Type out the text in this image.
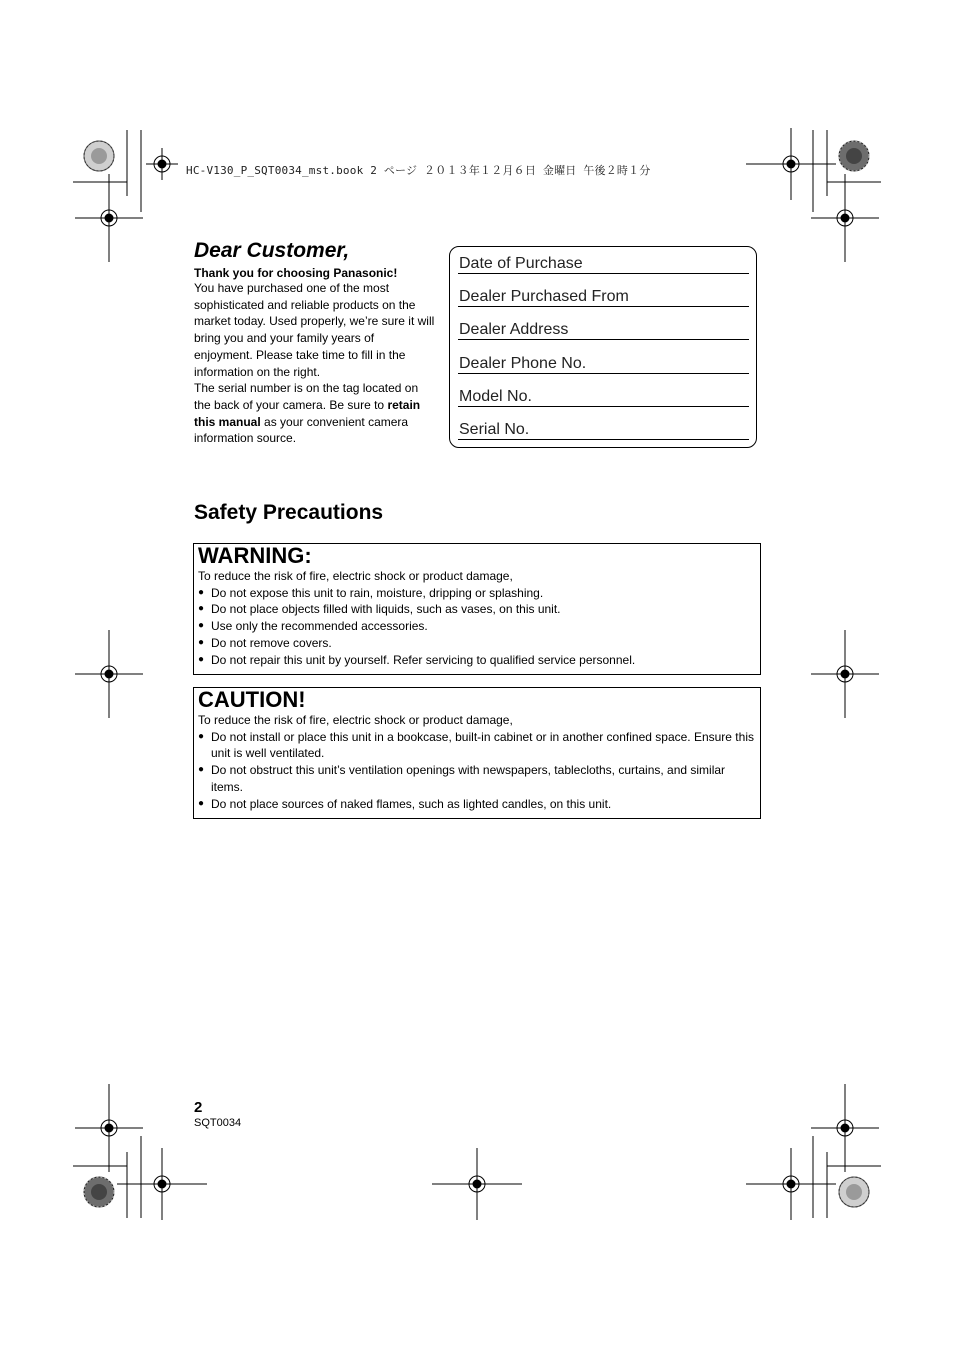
HC-V130_P_SQT0034_mst.book 2 ページ ２０１３年１２月６日 金曜日 午後２時１分
Dear Customer,
Thank you for choosing Panasonic!

You have purchased one of the most sophisticated and reliable products on the market today. Used properly, we’re sure it will bring you and your family years of enjoyment. Please take time to fill in the information on the right.

The serial number is on the tag located on the back of your camera. Be sure to retain this manual as your convenient camera information source.

Date of Purchase
Dealer Purchased From
Dealer Address
Dealer Phone No.
Model No.
Serial No.
Safety Precautions
WARNING:
To reduce the risk of fire, electric shock or product damage,
● Do not expose this unit to rain, moisture, dripping or splashing.
● Do not place objects filled with liquids, such as vases, on this unit.
● Use only the recommended accessories.
● Do not remove covers.
● Do not repair this unit by yourself. Refer servicing to qualified service personnel.
CAUTION!
To reduce the risk of fire, electric shock or product damage,
● Do not install or place this unit in a bookcase, built-in cabinet or in another confined space. Ensure this unit is well ventilated.
● Do not obstruct this unit’s ventilation openings with newspapers, tablecloths, curtains, and similar items.
● Do not place sources of naked flames, such as lighted candles, on this unit.
2
SQT0034
